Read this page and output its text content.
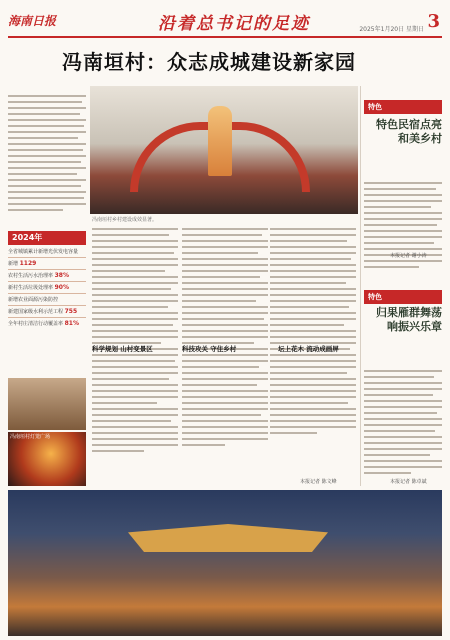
海南日报	沿着总书记的足迹	2025年1月20日 星期日 3
冯南垣村：众志成城建设新家园
2024年
全省城镇累计新增光伏发电容量
新增 1129
农村生活污水治理率 38%
新村生活垃圾处理率 90%
新增农业面源污染防控
新建国家级水利示范工程 755
全年村庄清洁行动覆盖率 81%
冯南垣村灯笼广场
冯南垣村乡村建设成效显著。
科学规划 山村变景区	科技攻关 守住乡村	坛上花木 流动成画屏
本报记者 陈文峰
特色
特色民宿点亮和美乡村
本报记者 谢小涛
特色
归果雁群舞荡响振兴乐章
本报记者 陈卓斌
